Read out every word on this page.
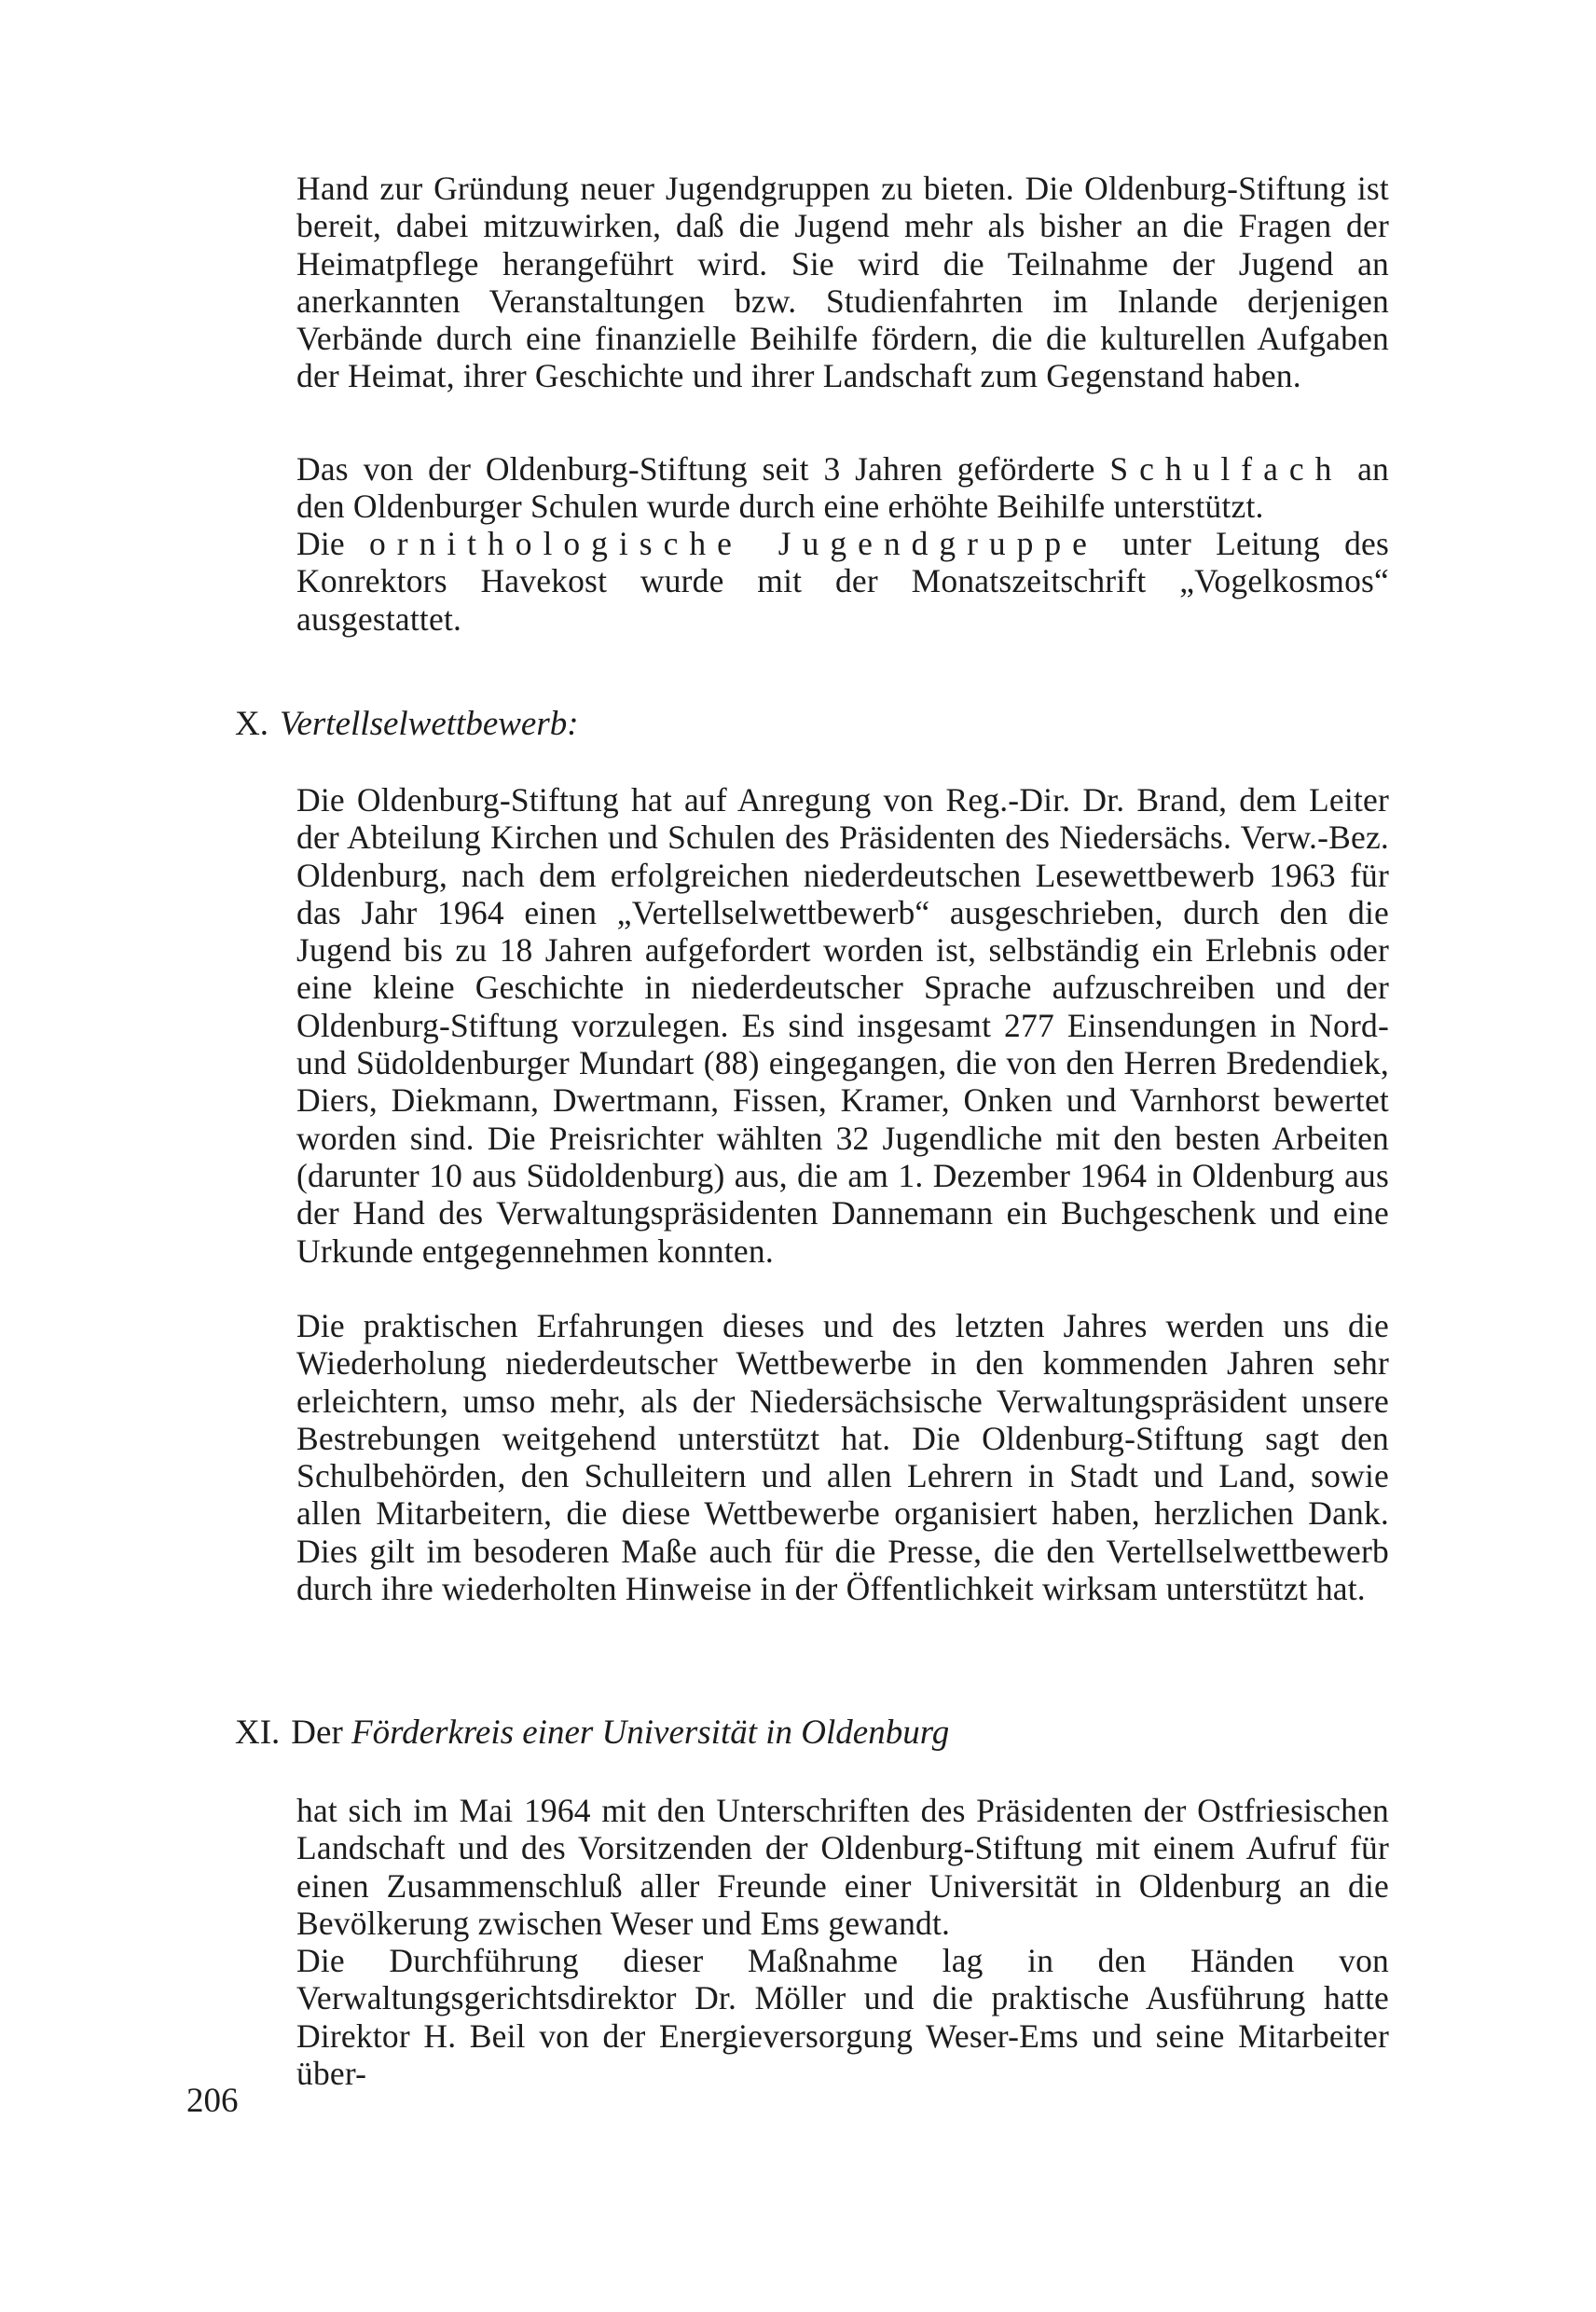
Hand zur Gründung neuer Jugendgruppen zu bieten. Die Oldenburg-Stiftung ist bereit, dabei mitzuwirken, daß die Jugend mehr als bisher an die Fragen der Heimatpflege herangeführt wird. Sie wird die Teilnahme der Jugend an anerkannten Veranstaltungen bzw. Studienfahrten im Inlande derjenigen Verbände durch eine finanzielle Beihilfe fördern, die die kulturellen Aufgaben der Heimat, ihrer Geschichte und ihrer Landschaft zum Gegenstand haben.

Das von der Oldenburg-Stiftung seit 3 Jahren geförderte Schulfach an den Oldenburger Schulen wurde durch eine erhöhte Beihilfe unterstützt.

Die ornithologische Jugendgruppe unter Leitung des Konrektors Havekost wurde mit der Monatszeitschrift „Vogelkosmos“ ausgestattet.

X. Vertellselwettbewerb:

Die Oldenburg-Stiftung hat auf Anregung von Reg.-Dir. Dr. Brand, dem Leiter der Abteilung Kirchen und Schulen des Präsidenten des Niedersächs. Verw.-Bez. Oldenburg, nach dem erfolgreichen niederdeutschen Lesewettbewerb 1963 für das Jahr 1964 einen „Vertellselwettbewerb“ ausgeschrieben, durch den die Jugend bis zu 18 Jahren aufgefordert worden ist, selbständig ein Erlebnis oder eine kleine Geschichte in niederdeutscher Sprache aufzuschreiben und der Oldenburg-Stiftung vorzulegen. Es sind insgesamt 277 Einsendungen in Nord- und Südoldenburger Mundart (88) eingegangen, die von den Herren Bredendiek, Diers, Diekmann, Dwertmann, Fissen, Kramer, Onken und Varnhorst bewertet worden sind. Die Preisrichter wählten 32 Jugendliche mit den besten Arbeiten (darunter 10 aus Südoldenburg) aus, die am 1. Dezember 1964 in Oldenburg aus der Hand des Verwaltungspräsidenten Dannemann ein Buchgeschenk und eine Urkunde entgegennehmen konnten.

Die praktischen Erfahrungen dieses und des letzten Jahres werden uns die Wiederholung niederdeutscher Wettbewerbe in den kommenden Jahren sehr erleichtern, umso mehr, als der Niedersächsische Verwaltungspräsident unsere Bestrebungen weitgehend unterstützt hat. Die Oldenburg-Stiftung sagt den Schulbehörden, den Schulleitern und allen Lehrern in Stadt und Land, sowie allen Mitarbeitern, die diese Wettbewerbe organisiert haben, herzlichen Dank. Dies gilt im besoderen Maße auch für die Presse, die den Vertellselwettbewerb durch ihre wiederholten Hinweise in der Öffentlichkeit wirksam unterstützt hat.

XI. Der Förderkreis einer Universität in Oldenburg

hat sich im Mai 1964 mit den Unterschriften des Präsidenten der Ostfriesischen Landschaft und des Vorsitzenden der Oldenburg-Stiftung mit einem Aufruf für einen Zusammenschluß aller Freunde einer Universität in Oldenburg an die Bevölkerung zwischen Weser und Ems gewandt.

Die Durchführung dieser Maßnahme lag in den Händen von Verwaltungsgerichtsdirektor Dr. Möller und die praktische Ausführung hatte Direktor H. Beil von der Energieversorgung Weser-Ems und seine Mitarbeiter über-

206
